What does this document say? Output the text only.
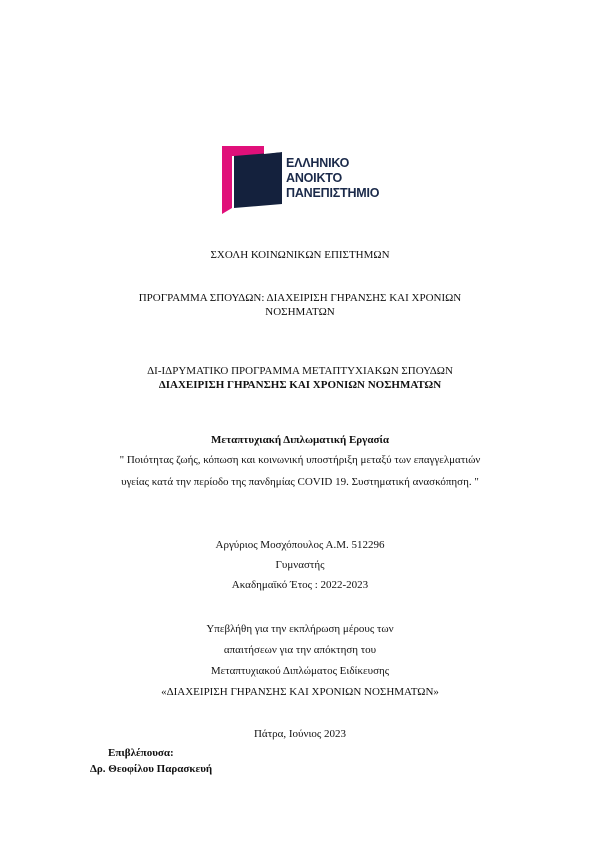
ΕΛΛΗΝΙΚΟ
ΑΝΟΙΚΤΟ
ΠΑΝΕΠΙΣΤΗΜΙΟ
ΣΧΟΛΗ ΚΟΙΝΩΝΙΚΩΝ ΕΠΙΣΤΗΜΩΝ
ΠΡΟΓΡΑΜΜΑ ΣΠΟΥΔΩΝ: ΔΙΑΧΕΙΡΙΣΗ ΓΗΡΑΝΣΗΣ ΚΑΙ ΧΡΟΝΙΩΝ
ΝΟΣΗΜΑΤΩΝ
ΔΙ-ΙΔΡΥΜΑΤΙΚΟ ΠΡΟΓΡΑΜΜΑ ΜΕΤΑΠΤΥΧΙΑΚΩΝ ΣΠΟΥΔΩΝ
ΔΙΑΧΕΙΡΙΣΗ ΓΗΡΑΝΣΗΣ ΚΑΙ ΧΡΟΝΙΩΝ ΝΟΣΗΜΑΤΩΝ
Μεταπτυχιακή Διπλωματική Εργασία
" Ποιότητας ζωής, κόπωση και κοινωνική υποστήριξη μεταξύ των επαγγελματιών
υγείας κατά την περίοδο της πανδημίας COVID 19. Συστηματική ανασκόπηση. "
Αργύριος Μοσχόπουλος Α.Μ. 512296
Γυμναστής
Ακαδημαϊκό Έτος : 2022-2023
Υπεβλήθη για την εκπλήρωση μέρους των
απαιτήσεων για την απόκτηση του
Μεταπτυχιακού Διπλώματος Ειδίκευσης
«ΔΙΑΧΕΙΡΙΣΗ ΓΗΡΑΝΣΗΣ ΚΑΙ ΧΡΟΝΙΩΝ ΝΟΣΗΜΑΤΩΝ»
Πάτρα, Ιούνιος 2023
Επιβλέπουσα:
Δρ. Θεοφίλου Παρασκευή
